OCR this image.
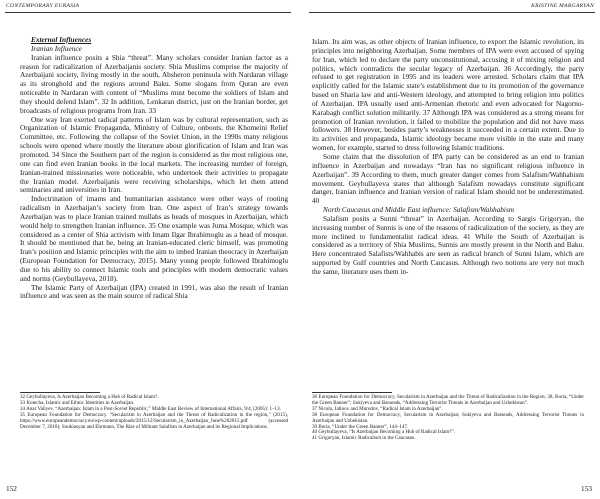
CONTEMPORARY EURASIA	KRISTINE MARGARYAN

External Influences

Iranian Influence

Iranian influence posits a Shia “threat”. Many scholars consider Iranian factor as a reason for radicalization of Azerbaijanis society. Shia Muslims comprise the majority of Azerbaijani society, living mostly in the south, Absheron peninsula with Nardaran village as its stronghold and the regions around Baku. Some slogans from Quran are even noticeable in Nardaran with content of “Muslims must become the soldiers of Islam and they should defend Islam”. 32 In addition, Lenkaran district, just on the Iranian border, get broadcasts of religious programs from Iran. 33

One way Iran exerted radical patterns of Islam was by cultural representation, such as Organization of Islamic Propaganda, Ministry of Culture, onboots, the Khomeini Relief Committee, etc. Following the collapse of the Soviet Union, in the 1990s many religious schools were opened where mostly the literature about glorification of Islam and Iran was promoted. 34 Since the Southern part of the region is considered as the most religious one, one can find even Iranian books in the local markets. The increasing number of foreign, Iranian-trained missionaries were noticeable, who undertook their activities to propagate the Iranian model. Azerbaijanis were receiving scholarships, which let them attend seminaries and universities in Iran.

Indoctrination of imams and humanitarian assistance were other ways of rooting radicalism in Azerbaijan’s society from Iran. One aspect of Iran’s strategy towards Azerbaijan was to place Iranian trained mullahs as heads of mosques in Azerbaijan, which would help to strengthen Iranian influence. 35 One example was Juma Mosque, which was considered as a center of Shia activism with Imam Ilgar Ibrahimoglu as a head of mosque. It should be mentioned that he, being an Iranian-educated cleric himself, was promoting Iran’s position and Islamic principles with the aim to imbed Iranian theocracy in Azerbaijan (European Foundation for Democracy, 2015). Many young people followed Ibrahimoglu due to his ability to connect Islamic tools and principles with modern democratic values and norms (Geybullayeva, 2018).

The Islamic Party of Azerbaijan (IPA) created in 1991, was also the result of Iranian influence and was seen as the main source of radical Shia

32 Geybullayeva, Is Azerbaijan Becoming a Hub of Radical Islam?.
33 Kotecha, Islamic and Ethnic Identities in Azerbaijan.
34 Anar Valiyev, “Azerbaijan: Islam in a Post-Soviet Republic,” Middle East Review of International Affairs, 9/4, (2005): 1–13.
35 European Foundation for Democracy. “Secularism in Azerbaijan and the Threat of Radicalization in the region,” (2015), https://www.europeandemocracy.eu/wp-content/uploads/2015/12/Secularism_in_Azerbaijan_June%202015.pdf (accessed December 7, 2018); Soukiasyan and Ehrmann, The Rise of Militant Salafism in Azerbaijan and its Regional Implications.
152

Islam. Its aim was, as other objects of Iranian influence, to export the Islamic revolution, its principles into neighboring Azerbaijan. Some members of IPA were even accused of spying for Iran, which led to declare the party unconstitutional, accusing it of mixing religion and politics, which contradicts the secular legacy of Azerbaijan. 36 Accordingly, the party refused to get registration in 1995 and its leaders were arrested. Scholars claim that IPA explicitly called for the Islamic state’s establishment due to its promotion of the governance based on Sharia law and anti-Western ideology, and attempted to bring religion into politics of Azerbaijan. IPA usually used anti-Armenian rhetoric and even advocated for Nagorno-Karabagh conflict solution militarily. 37 Although IPA was considered as a strong means for promotion of Iranian revolution, it failed to mobilize the population and did not have mass followers. 38 However, besides party’s weaknesses it succeeded in a certain extent. Due to its activities and propaganda, Islamic ideology became more visible in the state and many women, for example, started to dress following Islamic traditions.

Some claim that the dissolution of IPA party can be considered as an end to Iranian influence in Azerbaijan and nowadays “Iran has no significant religious influence in Azerbaijan”. 39 According to them, much greater danger comes from Salafism/Wahhabism movement. Geybullayeva states that although Salafism nowadays constitute significant danger, Iranian influence and Iranian version of radical Islam should not be underestimated. 40

North Caucasus and Middle East influence: Salafism/Wahhabism

Salafism posits a Sunni “threat” in Azerbaijan. According to Sargis Grigoryan, the increasing number of Sunnis is one of the reasons of radicalization of the society, as they are more inclined to fundamentalist radical ideas. 41 While the South of Azerbaijan is considered as a territory of Shia Muslims, Sunnis are mostly present in the North and Baku. Here concentrated Salafists/Wahhabis are seen as radical branch of Sunni Islam, which are supported by Gulf countries and North Caucasus. Although two notions are very not much the same, literature uses them in-

36 European Foundation for Democracy, Secularism in Azerbaijan and the Threat of Radicalization in the Region; 38, Boria, “Under the Green Banner”; Sokiyeva and Barseads, “Addressing Terrorist Threats in Azerbaijan and Uzbekistan”.
37 Nicola, Jalloov and Murodov, “Radical Islam in Azerbaijan”.
38 European Foundation for Democracy, Secularism in Azerbaijan; Sokiyeva and Barseads, Addressing Terrorist Threats in Azerbaijan and Uzbekistan.
39 Boria, “Under the Green Banner”, 144–147.
40 Geybullayeva, “Is Azerbaijan Becoming a Hub of Radical Islam?”.
41 Grigoryan, Islamic Radicalism in the Caucasus.
153
